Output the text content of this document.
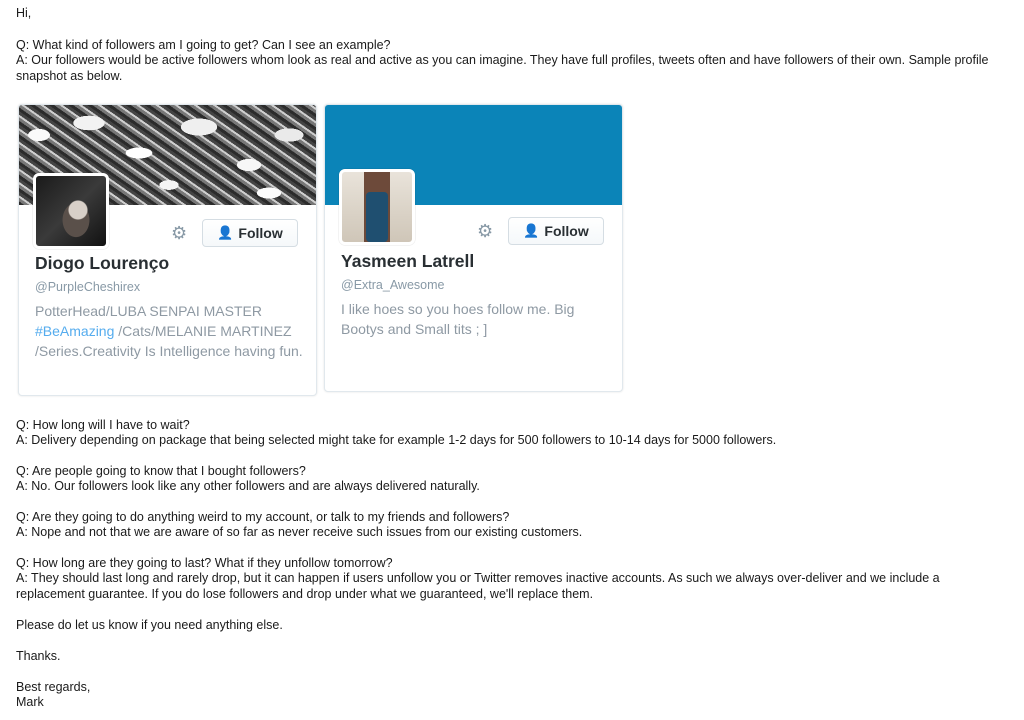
Hi,

Q: What kind of followers am I going to get? Can I see an example?

A: Our followers would be active followers whom look as real and active as you can imagine. They have full profiles, tweets often and have followers of their own. Sample profile snapshot as below.

⚙ 👤 Follow
Diogo Lourenço
@PurpleCheshirex
PotterHead/LUBA SENPAI MASTER #BeAmazing /Cats/MELANIE MARTINEZ /Series.Creativity Is Intelligence having fun.
⚙ 👤 Follow
Yasmeen Latrell
@Extra_Awesome
I like hoes so you hoes follow me. Big Bootys and Small tits ; ]

Q: How long will I have to wait?

A: Delivery depending on package that being selected might take for example 1-2 days for 500 followers to 10-14 days for 5000 followers.

Q: Are people going to know that I bought followers?

A: No. Our followers look like any other followers and are always delivered naturally.

Q: Are they going to do anything weird to my account, or talk to my friends and followers?

A: Nope and not that we are aware of so far as never receive such issues from our existing customers.

Q: How long are they going to last? What if they unfollow tomorrow?

A: They should last long and rarely drop, but it can happen if users unfollow you or Twitter removes inactive accounts. As such we always over-deliver and we include a replacement guarantee. If you do lose followers and drop under what we guaranteed, we'll replace them.

Please do let us know if you need anything else.

Thanks.

Best regards,

Mark
